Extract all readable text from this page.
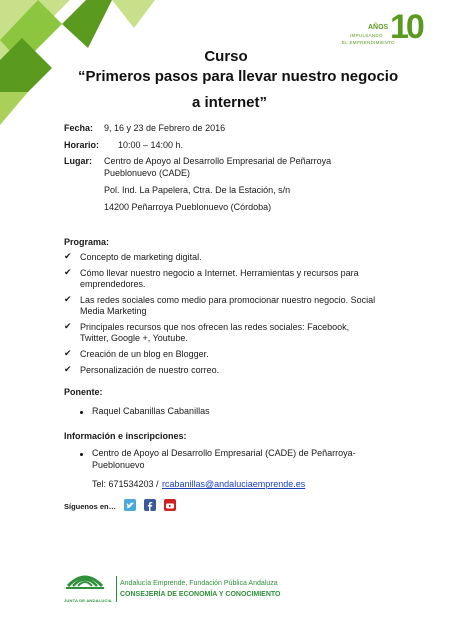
AÑOS
IMPULSANDO
EL EMPRENDIMIENTO
10
Curso
“Primeros pasos para llevar nuestro negocio
a internet”
Fecha: 9, 16 y 23 de Febrero de 2016
Horario: 10:00 – 14:00 h.
Lugar: Centro de Apoyo al Desarrollo Empresarial de Peñarroya
Pueblonuevo (CADE)
Pol. Ind. La Papelera, Ctra. De la Estación, s/n
14200 Peñarroya Pueblonuevo (Córdoba)
Programa:
✔ Concepto de marketing digital.
✔ Cómo llevar nuestro negocio a Internet. Herramientas y recursos para
emprendedores.
✔ Las redes sociales como medio para promocionar nuestro negocio. Social
Media Marketing
✔ Principales recursos que nos ofrecen las redes sociales: Facebook,
Twitter, Google +, Youtube.
✔ Creación de un blog en Blogger.
✔ Personalización de nuestro correo.
Ponente:
Raquel Cabanillas Cabanillas
Información e inscripciones:
Centro de Apoyo al Desarrollo Empresarial (CADE) de Peñarroya-
Pueblonuevo
Tel: 671534203 / rcabanillas@andaluciaemprende.es
Síguenos en…
JUNTA DE ANDALUCIA
Andalucía Emprende, Fundación Pública Andaluza
CONSEJERÍA DE ECONOMÍA Y CONOCIMIENTO
